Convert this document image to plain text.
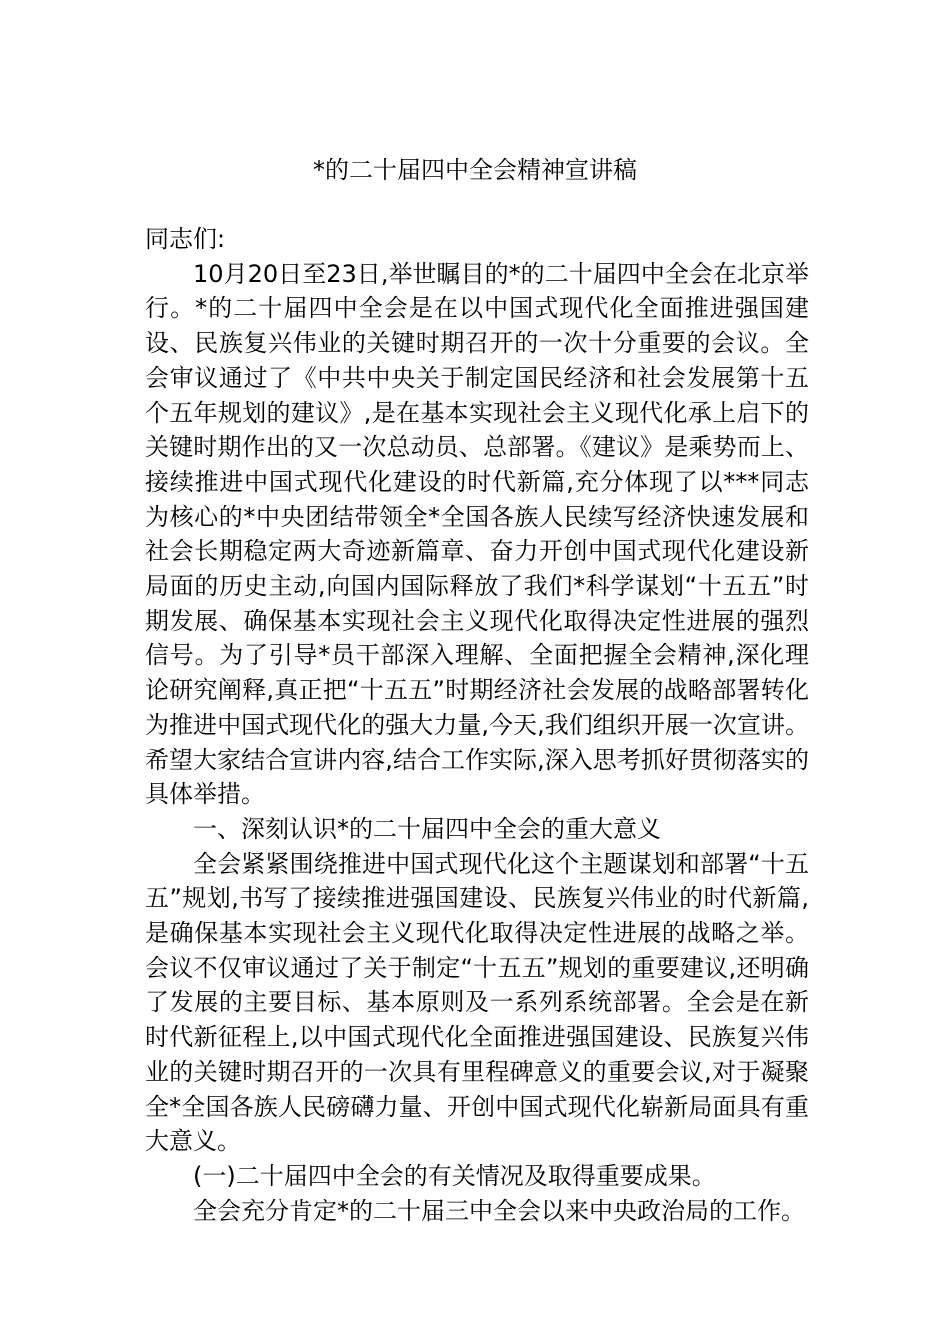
*的二十届四中全会精神宣讲稿

同志们:

10月20日至23日,举世瞩目的*的二十届四中全会在北京举行。*的二十届四中全会是在以中国式现代化全面推进强国建设、民族复兴伟业的关键时期召开的一次十分重要的会议。全会审议通过了《中共中央关于制定国民经济和社会发展第十五个五年规划的建议》,是在基本实现社会主义现代化承上启下的关键时期作出的又一次总动员、总部署。《建议》是乘势而上、接续推进中国式现代化建设的时代新篇,充分体现了以***同志为核心的*中央团结带领全*全国各族人民续写经济快速发展和社会长期稳定两大奇迹新篇章、奋力开创中国式现代化建设新局面的历史主动,向国内国际释放了我们*科学谋划“十五五”时期发展、确保基本实现社会主义现代化取得决定性进展的强烈信号。为了引导*员干部深入理解、全面把握全会精神,深化理论研究阐释,真正把“十五五”时期经济社会发展的战略部署转化为推进中国式现代化的强大力量,今天,我们组织开展一次宣讲。希望大家结合宣讲内容,结合工作实际,深入思考抓好贯彻落实的具体举措。

一、深刻认识*的二十届四中全会的重大意义

全会紧紧围绕推进中国式现代化这个主题谋划和部署“十五五”规划,书写了接续推进强国建设、民族复兴伟业的时代新篇,是确保基本实现社会主义现代化取得决定性进展的战略之举。会议不仅审议通过了关于制定“十五五”规划的重要建议,还明确了发展的主要目标、基本原则及一系列系统部署。全会是在新时代新征程上,以中国式现代化全面推进强国建设、民族复兴伟业的关键时期召开的一次具有里程碑意义的重要会议,对于凝聚全*全国各族人民磅礴力量、开创中国式现代化崭新局面具有重大意义。

(一)二十届四中全会的有关情况及取得重要成果。

全会充分肯定*的二十届三中全会以来中央政治局的工作。
